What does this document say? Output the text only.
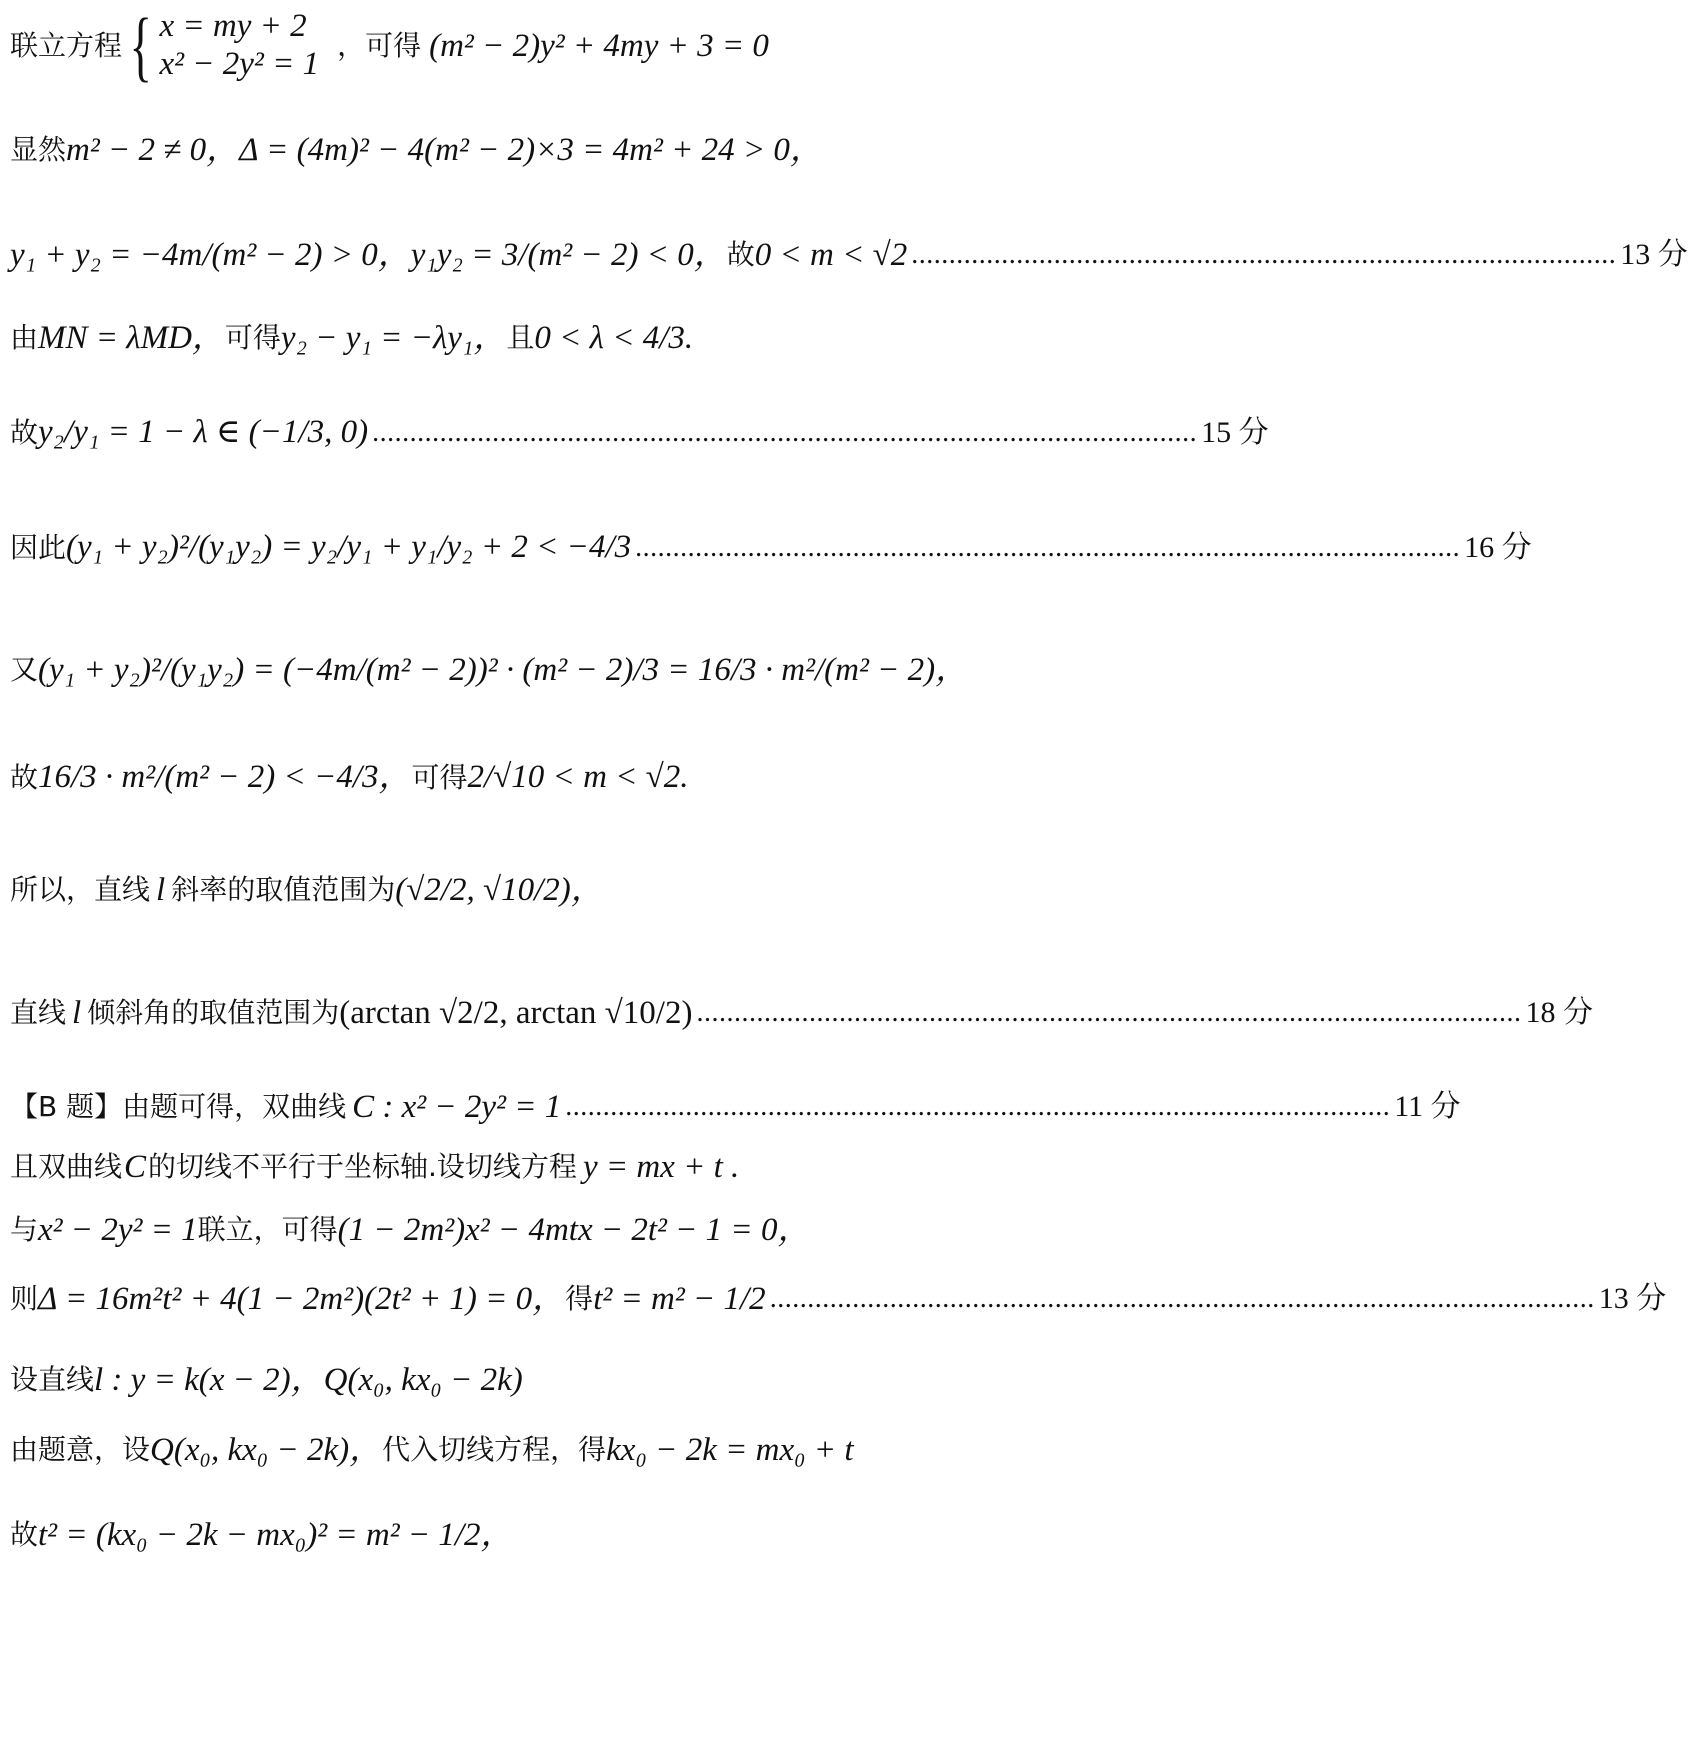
联立方程 { x = my + 2
x² − 2y² = 1
，可得 (m² − 2)y² + 4my + 3 = 0
显然 m² − 2 ≠ 0，Δ = (4m)² − 4(m² − 2)×3 = 4m² + 24 > 0，
y₁ + y₂ = −4m/(m² − 2) > 0，y₁y₂ = 3/(m² − 2) < 0， 故 0 < m < √2 .............................................................................................. 13 分
由 MN = λMD， 可得 y₂ − y₁ = −λy₁， 且 0 < λ < 4/3.
故 y₂/y₁ = 1 − λ ∈ (−1/3, 0) .............................................................................................................. 15 分
因此 (y₁ + y₂)²/(y₁y₂) = y₂/y₁ + y₁/y₂ + 2 < −4/3 .............................................................................................................. 16 分
又 (y₁ + y₂)²/(y₁y₂) = (−4m/(m² − 2))² · (m² − 2)/3 = 16/3 · m²/(m² − 2)，
故 16/3 · m²/(m² − 2) < −4/3， 可得 2/√10 < m < √2.
所以，直线 l 斜率的取值范围为 (√2/2, √10/2)，
直线 l 倾斜角的取值范围为 (arctan √2/2, arctan √10/2) .............................................................................................................. 18 分
【B 题】由题可得，双曲线 C : x² − 2y² = 1 .............................................................................................................. 11 分
且双曲线 C 的切线不平行于坐标轴.设切线方程 y = mx + t .
与 x² − 2y² = 1 联立，可得 (1 − 2m²)x² − 4mtx − 2t² − 1 = 0，
则 Δ = 16m²t² + 4(1 − 2m²)(2t² + 1) = 0， 得 t² = m² − 1/2 .............................................................................................................. 13 分
设直线 l : y = k(x − 2)，Q(x₀, kx₀ − 2k)
由题意，设 Q(x₀, kx₀ − 2k)， 代入切线方程，得 kx₀ − 2k = mx₀ + t
故 t² = (kx₀ − 2k − mx₀)² = m² − 1/2，
